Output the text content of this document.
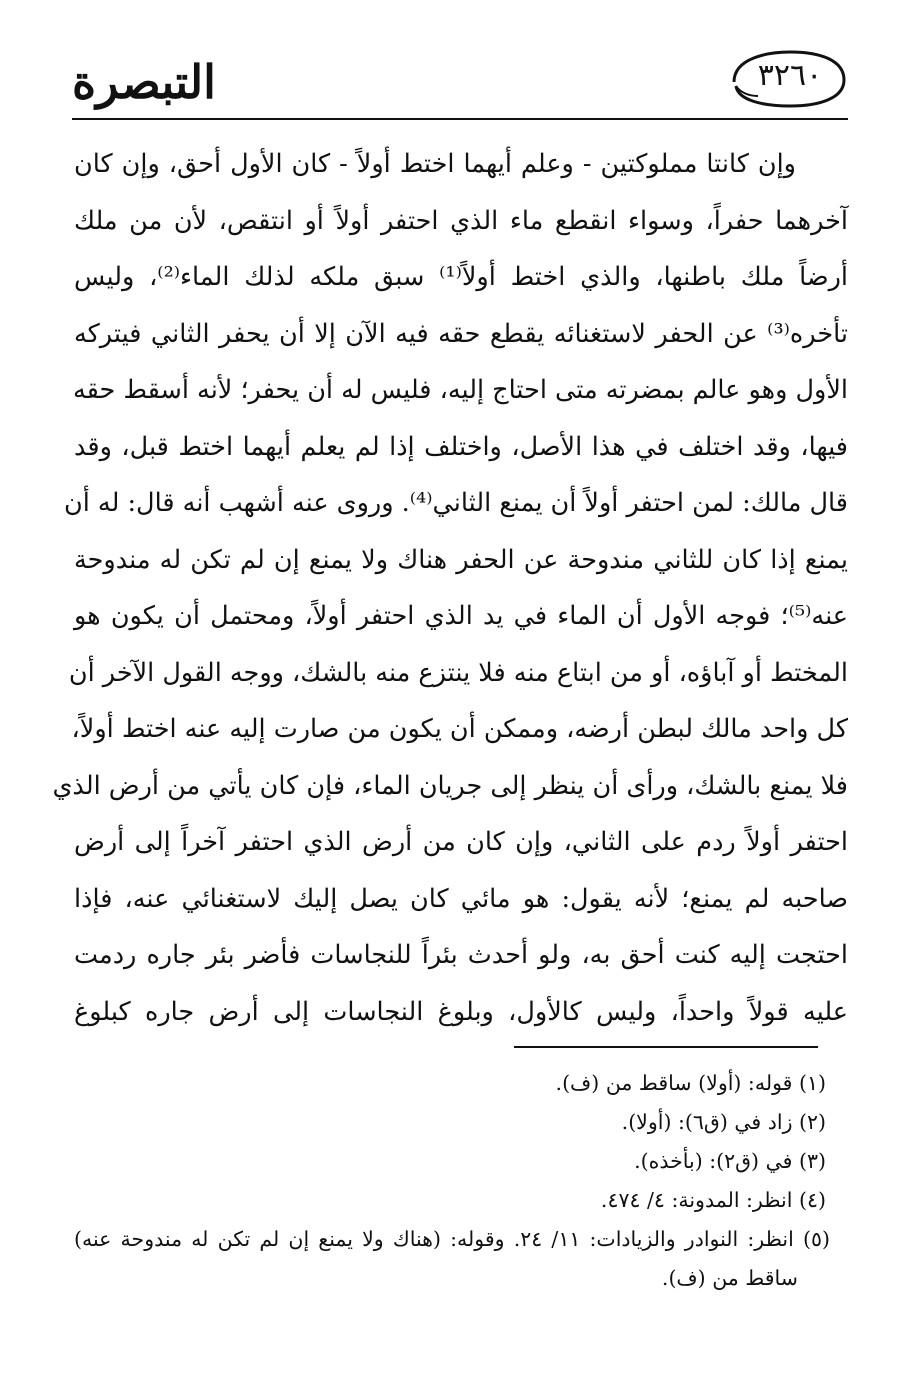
التبصرة	٣٢٦٠
وإن كانتا مملوكتين - وعلم أيهما اختط أولاً - كان الأول أحق، وإن كان
آخرهما حفراً، وسواء انقطع ماء الذي احتفر أولاً أو انتقص، لأن من ملك
أرضاً ملك باطنها، والذي اختط أولاً⁽¹⁾ سبق ملكه لذلك الماء⁽²⁾، وليس
تأخره⁽³⁾ عن الحفر لاستغنائه يقطع حقه فيه الآن إلا أن يحفر الثاني فيتركه
الأول وهو عالم بمضرته متى احتاج إليه، فليس له أن يحفر؛ لأنه أسقط حقه
فيها، وقد اختلف في هذا الأصل، واختلف إذا لم يعلم أيهما اختط قبل، وقد
قال مالك: لمن احتفر أولاً أن يمنع الثاني⁽⁴⁾. وروى عنه أشهب أنه قال: له أن
يمنع إذا كان للثاني مندوحة عن الحفر هناك ولا يمنع إن لم تكن له مندوحة
عنه⁽⁵⁾؛ فوجه الأول أن الماء في يد الذي احتفر أولاً، ومحتمل أن يكون هو
المختط أو آباؤه، أو من ابتاع منه فلا ينتزع منه بالشك، ووجه القول الآخر أن
كل واحد مالك لبطن أرضه، وممكن أن يكون من صارت إليه عنه اختط أولاً،
فلا يمنع بالشك، ورأى أن ينظر إلى جريان الماء، فإن كان يأتي من أرض الذي
احتفر أولاً ردم على الثاني، وإن كان من أرض الذي احتفر آخراً إلى أرض
صاحبه لم يمنع؛ لأنه يقول: هو مائي كان يصل إليك لاستغنائي عنه، فإذا
احتجت إليه كنت أحق به، ولو أحدث بئراً للنجاسات فأضر بئر جاره ردمت
عليه قولاً واحداً، وليس كالأول، وبلوغ النجاسات إلى أرض جاره كبلوغ
(١) قوله: (أولا) ساقط من (ف).
(٢) زاد في (ق٦): (أولا).
(٣) في (ق٢): (بأخذه).
(٤) انظر: المدونة: ٤/ ٤٧٤.
(٥) انظر: النوادر والزيادات: ١١/ ٢٤. وقوله: (هناك ولا يمنع إن لم تكن له مندوحة عنه)
ساقط من (ف).
